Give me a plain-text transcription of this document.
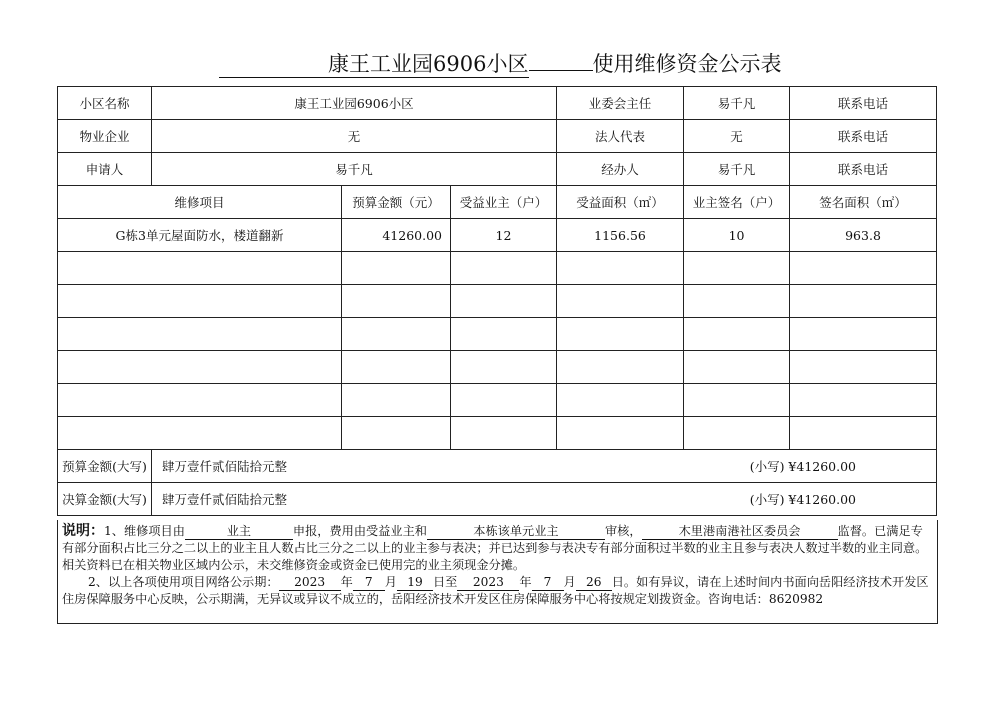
康王工业园6906小区	使用维修资金公示表
小区名称	康王工业园6906小区			业委会主任	易千凡	联系电话	
物业企业	无			法人代表	无	联系电话	
申请人	易千凡			经办人	易千凡	联系电话	
维修项目		预算金额（元）	受益业主（户）	受益面积（㎡）	业主签名（户）	签名面积（㎡）	
G栋3单元屋面防水，楼道翻新		41260.00	12	1156.56	10	963.8	

预算金额(大写)	肆万壹仟贰佰陆拾元整 (小写) ¥41260.00						

决算金额(大写)	肆万壹仟贰佰陆拾元整 (小写) ¥41260.00						
说明：1、维修项目由	业主	申报，费用由受益业主和	本栋该单元业主	审核，	木里港南港社区委员会	监督。已满足专有部分面积占比三分之二以上的业主且人数占比三分之二以上的业主参与表决；并已达到参与表决专有部分面积过半数的业主且参与表决人数过半数的业主同意。相关资料已在相关物业区域内公示，未交维修资金或资金已使用完的业主须现金分摊。
2、以上各项使用项目网络公示期： 2023 年 7 月 19 日至 2023 年 7 月 26 日。如有异议，请在上述时间内书面向岳阳经济技术开发区住房保障服务中心反映，公示期满，无异议或异议不成立的，岳阳经济技术开发区住房保障服务中心将按规定划拨资金。咨询电话：8620982
